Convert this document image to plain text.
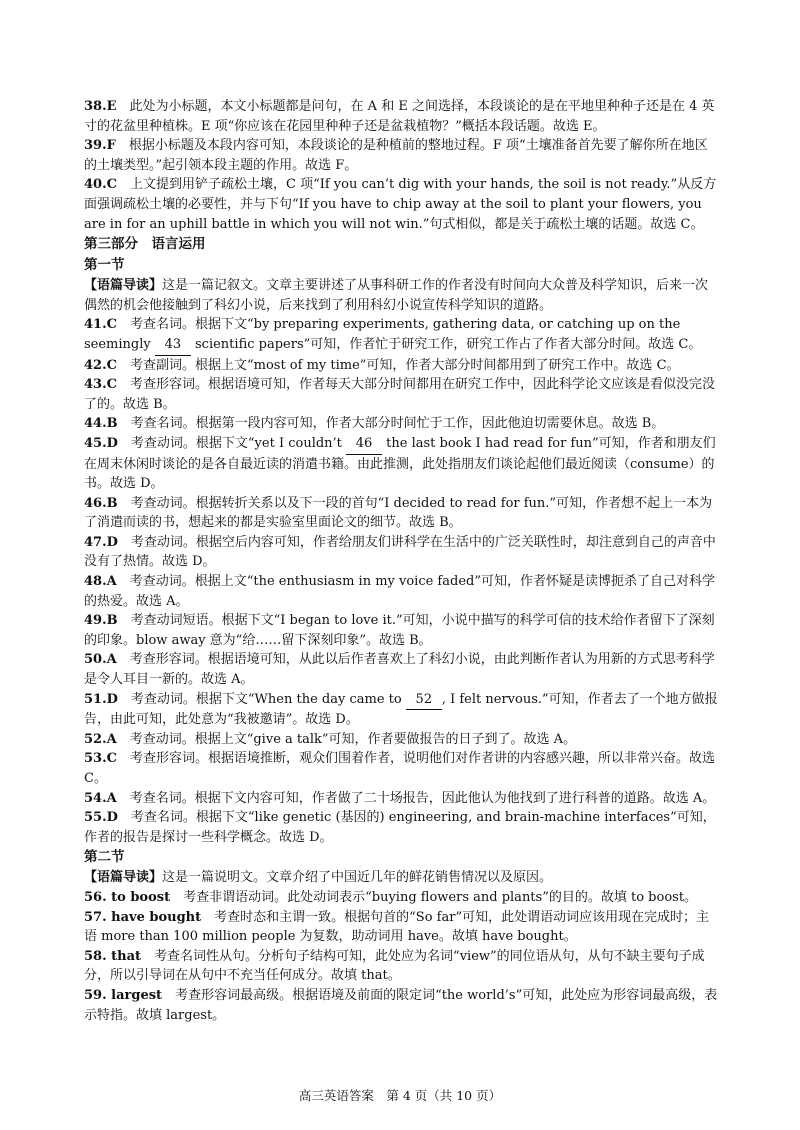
38.E　 此处为小标题，本文小标题都是问句，在 A 和 E 之间选择，本段谈论的是在平地里种种子还是在 4 英寸的花盆里种植株。E 项“你应该在花园里种种子还是盆栽植物？”概括本段话题。故选 E。
39.F　 根据小标题及本段内容可知，本段谈论的是种植前的整地过程。F 项“土壤准备首先要了解你所在地区的土壤类型。”起引领本段主题的作用。故选 F。
40.C　 上文提到用铲子疏松土壤，C 项“If you can’t dig with your hands, the soil is not ready.”从反方面强调疏松土壤的必要性，并与下句“If you have to chip away at the soil to plant your flowers, you are in for an uphill battle in which you will not win.”句式相似，都是关于疏松土壤的话题。故选 C。
第三部分　语言运用
第一节
【语篇导读】这是一篇记叙文。文章主要讲述了从事科研工作的作者没有时间向大众普及科学知识，后来一次偶然的机会他接触到了科幻小说，后来找到了利用科幻小说宣传科学知识的道路。
41.C　 考查名词。根据下文“by preparing experiments, gathering data, or catching up on the seemingly 43 scientific papers”可知，作者忙于研究工作，研究工作占了作者大部分时间。故选 C。
42.C　 考查副词。根据上文“most of my time”可知，作者大部分时间都用到了研究工作中。故选 C。
43.C　 考查形容词。根据语境可知，作者每天大部分时间都用在研究工作中，因此科学论文应该是看似没完没了的。故选 B。
44.B　 考查名词。根据第一段内容可知，作者大部分时间忙于工作，因此他迫切需要休息。故选 B。
45.D　 考查动词。根据下文“yet I couldn’t 46 the last book I had read for fun”可知，作者和朋友们在周末休闲时谈论的是各自最近读的消遣书籍。由此推测，此处指朋友们谈论起他们最近阅读（consume）的书。故选 D。
46.B　 考查动词。根据转折关系以及下一段的首句“I decided to read for fun.”可知，作者想不起上一本为了消遣而读的书，想起来的都是实验室里面论文的细节。故选 B。
47.D　 考查动词。根据空后内容可知，作者给朋友们讲科学在生活中的广泛关联性时，却注意到自己的声音中没有了热情。故选 D。
48.A　 考查动词。根据上文“the enthusiasm in my voice faded”可知，作者怀疑是读博扼杀了自己对科学的热爱。故选 A。
49.B　 考查动词短语。根据下文“I began to love it.”可知，小说中描写的科学可信的技术给作者留下了深刻的印象。blow away 意为“给……留下深刻印象”。故选 B。
50.A　 考查形容词。根据语境可知，从此以后作者喜欢上了科幻小说，由此判断作者认为用新的方式思考科学是令人耳目一新的。故选 A。
51.D　 考查动词。根据下文“When the day came to 52 , I felt nervous.”可知，作者去了一个地方做报告，由此可知，此处意为“我被邀请”。故选 D。
52.A　 考查动词。根据上文“give a talk”可知，作者要做报告的日子到了。故选 A。
53.C　 考查形容词。根据语境推断，观众们围着作者，说明他们对作者讲的内容感兴趣，所以非常兴奋。故选 C。
54.A　 考查名词。根据下文内容可知，作者做了二十场报告，因此他认为他找到了进行科普的道路。故选 A。
55.D　 考查名词。根据下文“like genetic (基因的) engineering, and brain-machine interfaces”可知，作者的报告是探讨一些科学概念。故选 D。
第二节
【语篇导读】这是一篇说明文。文章介绍了中国近几年的鲜花销售情况以及原因。
56. to boost　 考查非谓语动词。此处动词表示“buying flowers and plants”的目的。故填 to boost。
57. have bought　 考查时态和主谓一致。根据句首的“So far”可知，此处谓语动词应该用现在完成时；主语 more than 100 million people 为复数，助动词用 have。故填 have bought。
58. that　 考查名词性从句。分析句子结构可知，此处应为名词“view”的同位语从句，从句不缺主要句子成分，所以引导词在从句中不充当任何成分。故填 that。
59. largest　 考查形容词最高级。根据语境及前面的限定词“the world’s”可知，此处应为形容词最高级，表示特指。故填 largest。
高三英语答案　第 4 页（共 10 页）
